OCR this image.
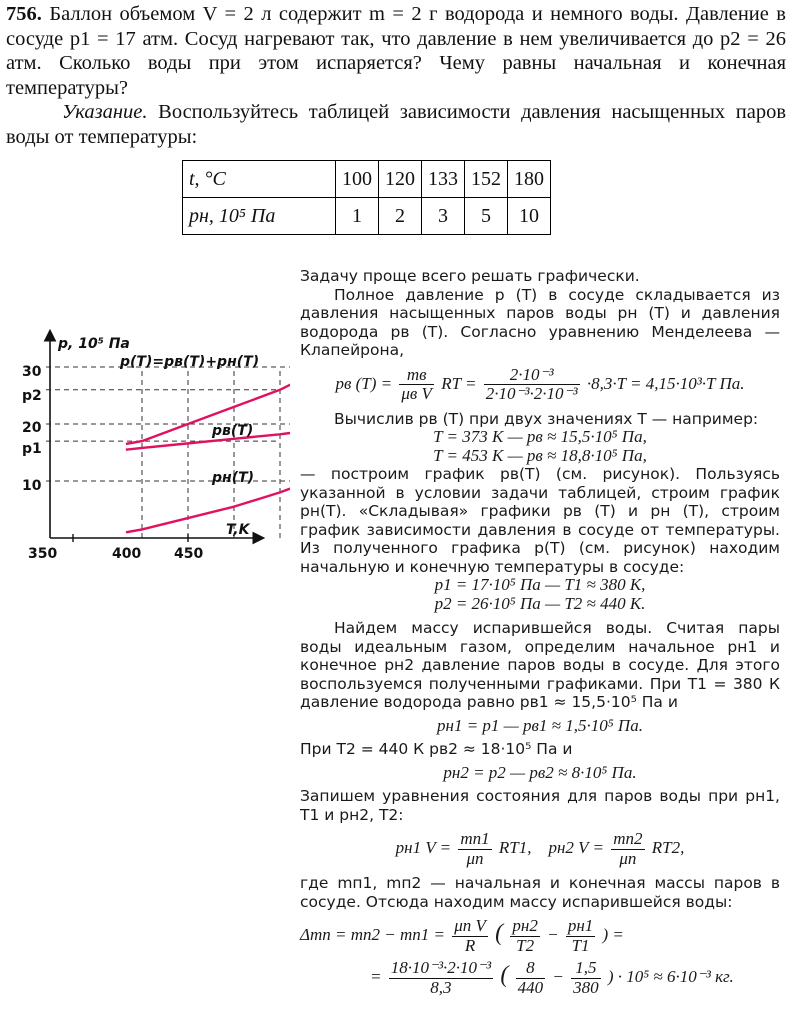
756. Баллон объемом V = 2 л содержит m = 2 г водорода и немного воды. Давление в сосуде p1 = 17 атм. Сосуд нагревают так, что давление в нем увеличивается до p2 = 26 атм. Сколько воды при этом испаряется? Чему равны начальная и конечная температуры?

Указание. Воспользуйтесь таблицей зависимости давления насыщенных паров воды от температуры:

t, °C	100	120	133	152	180
pн, 10⁵ Па	1	2	3	5	10
p, 10⁵ Па
T,K
30
20
10
p2
p1
350	400 450
p(T)=pв(T)+pн(T)
pв(T)
pн(T)

Задачу проще всего решать графически.

Полное давление p (T) в сосуде складывается из давления насыщенных паров воды pн (T) и давления водорода pв (T). Согласно уравнению Менделеева — Клапейрона,

pв $(T) = \frac{mв}{\text{μв V}}$ RT = $\frac{\text{2·10⁻³}}{\text{2·10⁻³·2·10⁻³}} \cdot 8,3\cdot T = 4,15\cdot 10^3\cdot T$ Па.

Вычислив pв (T) при двух значениях T — например:

T = 373 К — pв ≈ 15,5·10⁵ Па,

T = 453 К — pв ≈ 18,8·10⁵ Па,

— построим график pв(T) (см. рисунок). Пользуясь указанной в условии задачи таблицей, строим график pн(T). «Складывая» графики pв (T) и pн (T), строим график зависимости давления в сосуде от температуры. Из полученного графика p(T) (см. рисунок) находим начальную и конечную температуры в сосуде:

p1 = 17·10⁵ Па — T1 ≈ 380 К,

p2 = 26·10⁵ Па — T2 ≈ 440 К.

Найдем массу испарившейся воды. Считая пары воды идеальным газом, определим начальное pн1 и конечное pн2 давление паров воды в сосуде. Для этого воспользуемся полученными графиками. При T1 = 380 К давление водорода равно pв1 ≈ 15,5·10⁵ Па и

pн1 = p1 — pв1 ≈ 1,5·10⁵ Па.

При T2 = 440 К pв2 ≈ 18·10⁵ Па и

pн2 = p2 — pв2 ≈ 8·10⁵ Па.

Запишем уравнения состояния для паров воды при pн1, T1 и pн2, T2:

pн1 $V = \frac{mп1}{\mu п} RT1$, pн2 $V = \frac{mп2}{\mu п} RT2$,

где mп1, mп2 — начальная и конечная массы паров в сосуде. Отсюда находим массу испарившейся воды:

$\Delta mп = mп2 - mп1 = \frac{\text{μп V}}{R}$ ( $\frac{pн2}{T2} - \frac{pн1}{T1}$ ) =
= $\frac{\text{18·10⁻³·2·10⁻³}}{8,3}$ ( $\frac{8}{440} - \frac{1,5}{380}$ ) · 10⁵ ≈ 6·10⁻³ кг.
